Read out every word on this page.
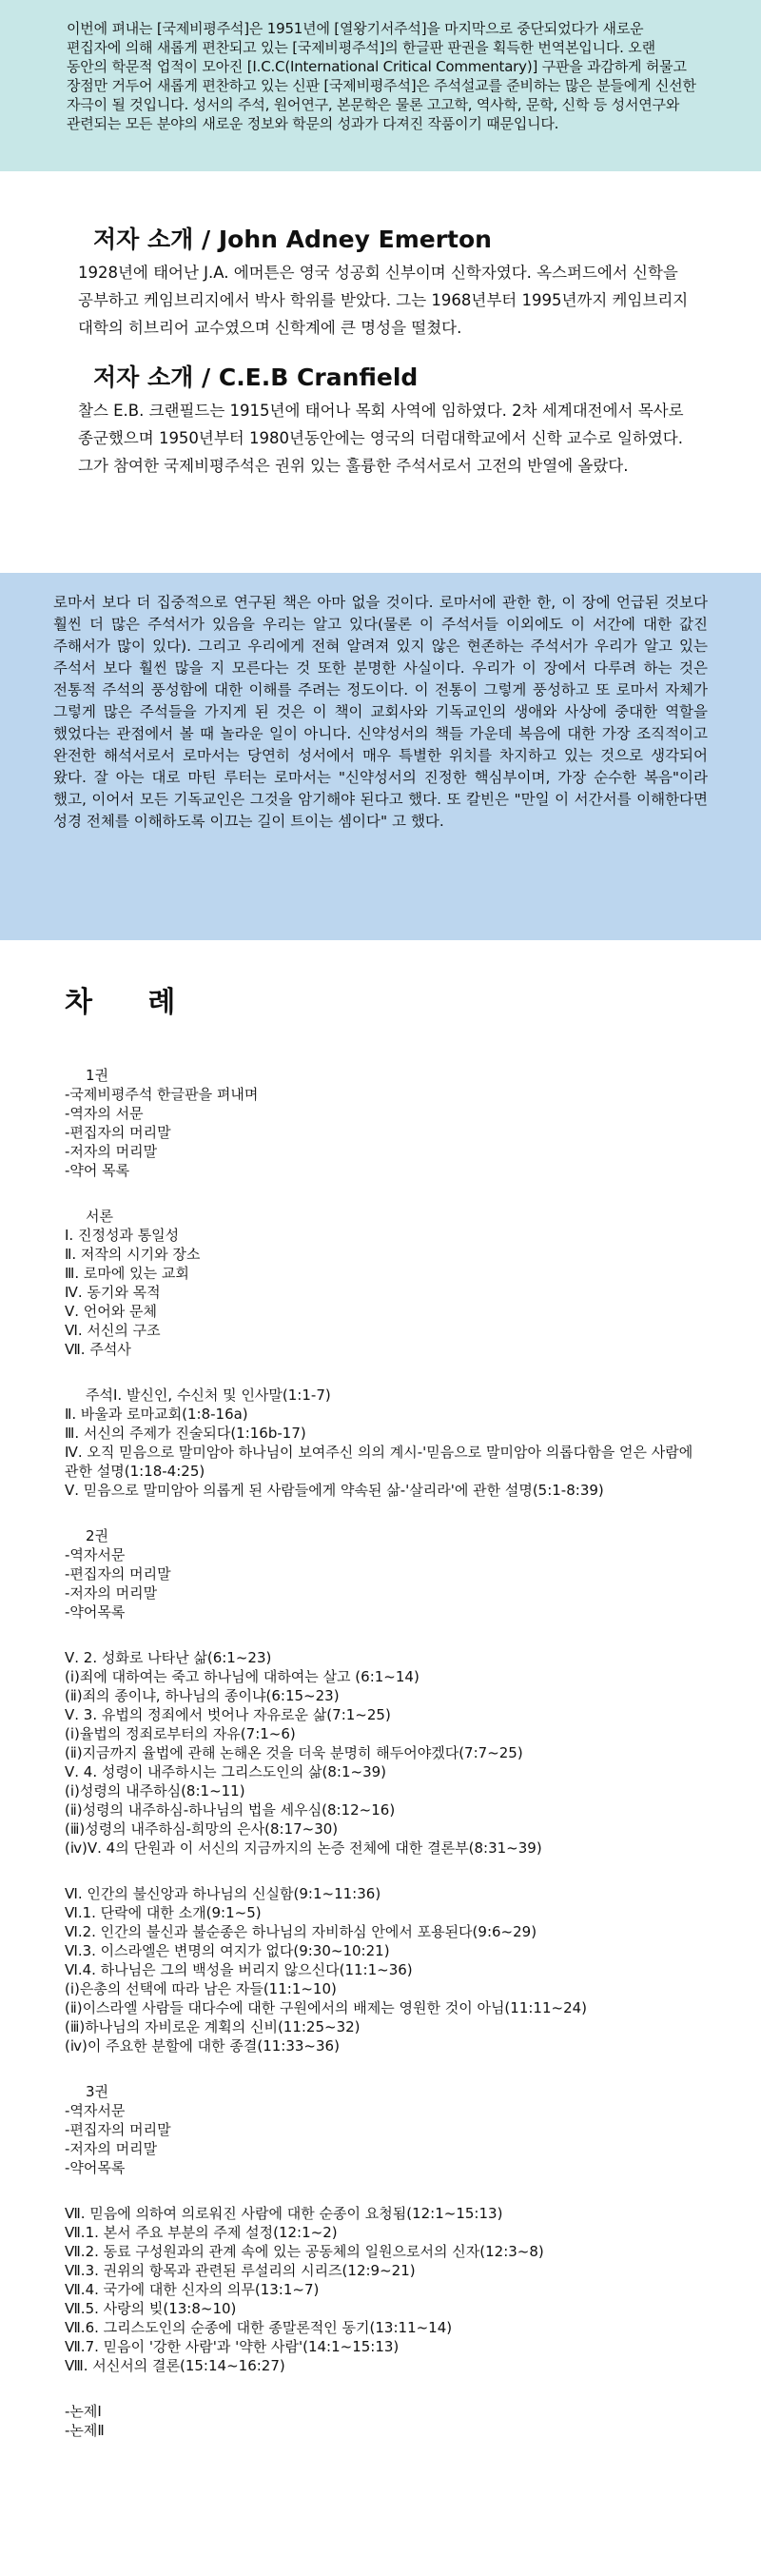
이번에 펴내는 [국제비평주석]은 1951년에 [열왕기서주석]을 마지막으로 중단되었다가 새로운 편집자에 의해 새롭게 편찬되고 있는 [국제비평주석]의 한글판 판권을 획득한 번역본입니다. 오랜 동안의 학문적 업적이 모아진 [I.C.C(International Critical Commentary)] 구판을 과감하게 허물고 장점만 거두어 새롭게 편찬하고 있는 신판 [국제비평주석]은 주석설교를 준비하는 많은 분들에게 신선한 자극이 될 것입니다. 성서의 주석, 원어연구, 본문학은 물론 고고학, 역사학, 문학, 신학 등 성서연구와 관련되는 모든 분야의 새로운 정보와 학문의 성과가 다져진 작품이기 때문입니다.

저자 소개 / John Adney Emerton

1928년에 태어난 J.A. 에머튼은 영국 성공회 신부이며 신학자였다. 옥스퍼드에서 신학을 공부하고 케임브리지에서 박사 학위를 받았다. 그는 1968년부터 1995년까지 케임브리지 대학의 히브리어 교수였으며 신학계에 큰 명성을 떨쳤다.

저자 소개 / C.E.B Cranfield

찰스 E.B. 크랜필드는 1915년에 태어나 목회 사역에 임하였다. 2차 세계대전에서 목사로 종군했으며 1950년부터 1980년동안에는 영국의 더럼대학교에서 신학 교수로 일하였다. 그가 참여한 국제비평주석은 권위 있는 훌륭한 주석서로서 고전의 반열에 올랐다.

로마서 보다 더 집중적으로 연구된 책은 아마 없을 것이다. 로마서에 관한 한, 이 장에 언급된 것보다 훨씬 더 많은 주석서가 있음을 우리는 알고 있다(물론 이 주석서들 이외에도 이 서간에 대한 값진 주해서가 많이 있다). 그리고 우리에게 전혀 알려져 있지 않은 현존하는 주석서가 우리가 알고 있는 주석서 보다 훨씬 많을 지 모른다는 것 또한 분명한 사실이다. 우리가 이 장에서 다루려 하는 것은 전통적 주석의 풍성함에 대한 이해를 주려는 정도이다. 이 전통이 그렇게 풍성하고 또 로마서 자체가 그렇게 많은 주석들을 가지게 된 것은 이 책이 교회사와 기독교인의 생애와 사상에 중대한 역할을 했었다는 관점에서 볼 때 놀라운 일이 아니다. 신약성서의 책들 가운데 복음에 대한 가장 조직적이고 완전한 해석서로서 로마서는 당연히 성서에서 매우 특별한 위치를 차지하고 있는 것으로 생각되어 왔다. 잘 아는 대로 마틴 루터는 로마서는 "신약성서의 진정한 핵심부이며, 가장 순수한 복음"이라 했고, 이어서 모든 기독교인은 그것을 암기해야 된다고 했다. 또 칼빈은 "만일 이 서간서를 이해한다면 성경 전체를 이해하도록 이끄는 길이 트이는 셈이다" 고 했다.

차 례
1권
-국제비평주석 한글판을 펴내며
-역자의 서문
-편집자의 머리말
-저자의 머리말
-약어 목록
서론
Ⅰ. 진정성과 통일성
Ⅱ. 저작의 시기와 장소
Ⅲ. 로마에 있는 교회
Ⅳ. 동기와 목적
Ⅴ. 언어와 문체
Ⅵ. 서신의 구조
Ⅶ. 주석사
주석Ⅰ. 발신인, 수신처 및 인사말(1:1-7)
Ⅱ. 바울과 로마교회(1:8-16a)
Ⅲ. 서신의 주제가 진술되다(1:16b-17)
Ⅳ. 오직 믿음으로 말미암아 하나님이 보여주신 의의 계시-'믿음으로 말미암아 의롭다함을 얻은 사람에 관한 설명(1:18-4:25)
Ⅴ. 믿음으로 말미암아 의롭게 된 사람들에게 약속된 삶-'살리라'에 관한 설명(5:1-8:39)
2권
-역자서문
-편집자의 머리말
-저자의 머리말
-약어목록
Ⅴ. 2. 성화로 나타난 삶(6:1~23)
(ⅰ)죄에 대하여는 죽고 하나님에 대하여는 살고 (6:1~14)
(ⅱ)죄의 종이냐, 하나님의 종이냐(6:15~23)
Ⅴ. 3. 유법의 정죄에서 벗어나 자유로운 삶(7:1~25)
(ⅰ)율법의 정죄로부터의 자유(7:1~6)
(ⅱ)지금까지 율법에 관해 논해온 것을 더욱 분명히 해두어야겠다(7:7~25)
Ⅴ. 4. 성령이 내주하시는 그리스도인의 삶(8:1~39)
(ⅰ)성령의 내주하심(8:1~11)
(ⅱ)성령의 내주하심-하나님의 법을 세우심(8:12~16)
(ⅲ)성령의 내주하심-희망의 은사(8:17~30)
(ⅳ)Ⅴ. 4의 단원과 이 서신의 지금까지의 논증 전체에 대한 결론부(8:31~39)
Ⅵ. 인간의 불신앙과 하나님의 신실함(9:1~11:36)
Ⅵ.1. 단락에 대한 소개(9:1~5)
Ⅵ.2. 인간의 불신과 불순종은 하나님의 자비하심 안에서 포용된다(9:6~29)
Ⅵ.3. 이스라엘은 변명의 여지가 없다(9:30~10:21)
Ⅵ.4. 하나님은 그의 백성을 버리지 않으신다(11:1~36)
(ⅰ)은총의 선택에 따라 남은 자들(11:1~10)
(ⅱ)이스라엘 사람들 대다수에 대한 구원에서의 배제는 영원한 것이 아님(11:11~24)
(ⅲ)하나님의 자비로운 계획의 신비(11:25~32)
(ⅳ)이 주요한 분할에 대한 종결(11:33~36)
3권
-역자서문
-편집자의 머리말
-저자의 머리말
-약어목록
Ⅶ. 믿음에 의하여 의로워진 사람에 대한 순종이 요청됨(12:1~15:13)
Ⅶ.1. 본서 주요 부분의 주제 설정(12:1~2)
Ⅶ.2. 동료 구성원과의 관계 속에 있는 공동체의 일원으로서의 신자(12:3~8)
Ⅶ.3. 권위의 항목과 관련된 루설리의 시리즈(12:9~21)
Ⅶ.4. 국가에 대한 신자의 의무(13:1~7)
Ⅶ.5. 사랑의 빚(13:8~10)
Ⅶ.6. 그리스도인의 순종에 대한 종말론적인 동기(13:11~14)
Ⅶ.7. 믿음이 '강한 사람'과 '약한 사람'(14:1~15:13)
Ⅷ. 서신서의 결론(15:14~16:27)
-논제Ⅰ
-논제Ⅱ
